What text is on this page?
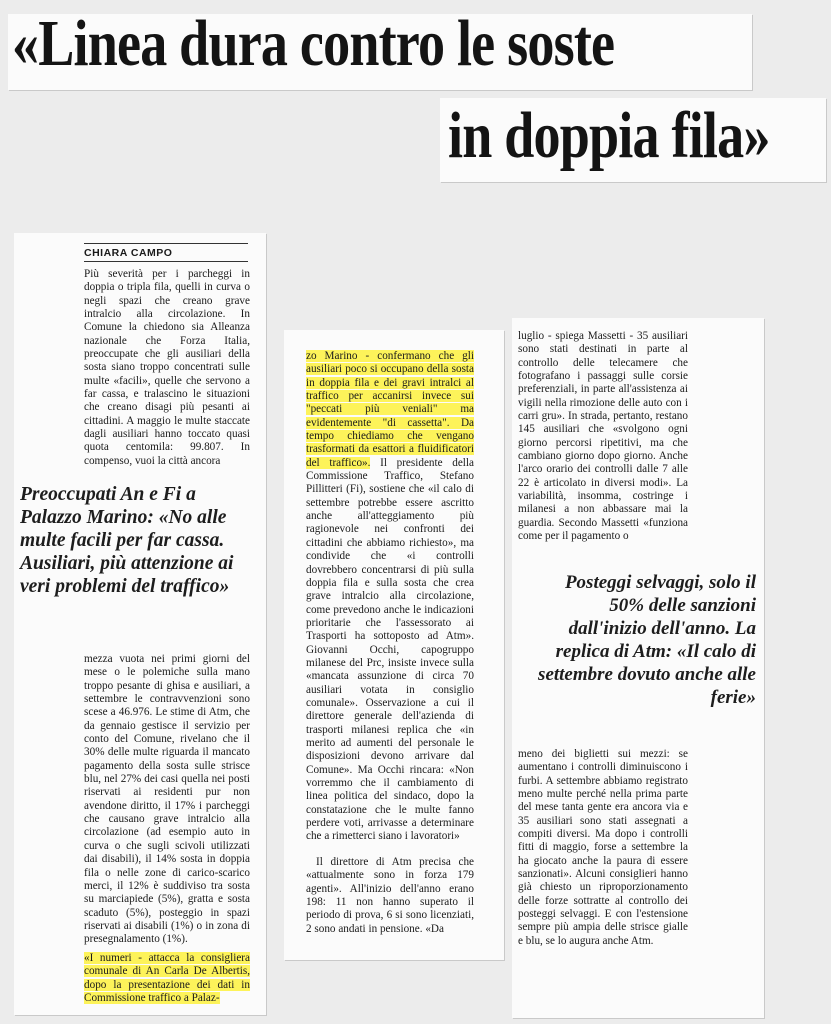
«Linea dura contro le soste
in doppia fila»

CHIARA CAMPO

Più severità per i parcheggi in doppia o tripla fila, quelli in curva o negli spazi che creano grave intralcio alla circolazione. In Comune la chiedono sia Alleanza nazionale che Forza Italia, preoccupate che gli ausiliari della sosta siano troppo concentrati sulle multe «facili», quelle che servono a far cassa, e tralascino le situazioni che creano disagi più pesanti ai cittadini. A maggio le multe staccate dagli ausiliari hanno toccato quasi quota centomila: 99.807. In compenso, vuoi la città ancora

Preoccupati An e Fi a Palazzo Marino: «No alle multe facili per far cassa. Ausiliari, più attenzione ai veri problemi del traffico»

mezza vuota nei primi giorni del mese o le polemiche sulla mano troppo pesante di ghisa e ausiliari, a settembre le contravvenzioni sono scese a 46.976. Le stime di Atm, che da gennaio gestisce il servizio per conto del Comune, rivelano che il 30% delle multe riguarda il mancato pagamento della sosta sulle strisce blu, nel 27% dei casi quella nei posti riservati ai residenti pur non avendone diritto, il 17% i parcheggi che causano grave intralcio alla circolazione (ad esempio auto in curva o che sugli scivoli utilizzati dai disabili), il 14% sosta in doppia fila o nelle zone di carico-scarico merci, il 12% è suddiviso tra sosta su marciapiede (5%), gratta e sosta scaduto (5%), posteggio in spazi riservati ai disabili (1%) o in zona di presegnalamento (1%).

«I numeri - attacca la consigliera comunale di An Carla De Albertis, dopo la presentazione dei dati in Commissione traffico a Palaz-

zo Marino - confermano che gli ausiliari poco si occupano della sosta in doppia fila e dei gravi intralci al traffico per accanirsi invece sui "peccati più veniali" ma evidentemente "di cassetta". Da tempo chiediamo che vengano trasformati da esattori a fluidificatori del traffico». Il presidente della Commissione Traffico, Stefano Pillitteri (Fi), sostiene che «il calo di settembre potrebbe essere ascritto anche all'atteggiamento più ragionevole nei confronti dei cittadini che abbiamo richiesto», ma condivide che «i controlli dovrebbero concentrarsi di più sulla doppia fila e sulla sosta che crea grave intralcio alla circolazione, come prevedono anche le indicazioni prioritarie che l'assessorato ai Trasporti ha sottoposto ad Atm». Giovanni Occhi, capogruppo milanese del Prc, insiste invece sulla «mancata assunzione di circa 70 ausiliari votata in consiglio comunale». Osservazione a cui il direttore generale dell'azienda di trasporti milanesi replica che «in merito ad aumenti del personale le disposizioni devono arrivare dal Comune». Ma Occhi rincara: «Non vorremmo che il cambiamento di linea politica del sindaco, dopo la constatazione che le multe fanno perdere voti, arrivasse a determinare che a rimetterci siano i lavoratori»

Il direttore di Atm precisa che «attualmente sono in forza 179 agenti». All'inizio dell'anno erano 198: 11 non hanno superato il periodo di prova, 6 si sono licenziati, 2 sono andati in pensione. «Da

luglio - spiega Massetti - 35 ausiliari sono stati destinati in parte al controllo delle telecamere che fotografano i passaggi sulle corsie preferenziali, in parte all'assistenza ai vigili nella rimozione delle auto con i carri gru». In strada, pertanto, restano 145 ausiliari che «svolgono ogni giorno percorsi ripetitivi, ma che cambiano giorno dopo giorno. Anche l'arco orario dei controlli dalle 7 alle 22 è articolato in diversi modi». La variabilità, insomma, costringe i milanesi a non abbassare mai la guardia. Secondo Massetti «funziona come per il pagamento o

Posteggi selvaggi, solo il 50% delle sanzioni dall'inizio dell'anno. La replica di Atm: «Il calo di settembre dovuto anche alle ferie»

meno dei biglietti sui mezzi: se aumentano i controlli diminuiscono i furbi. A settembre abbiamo registrato meno multe perché nella prima parte del mese tanta gente era ancora via e 35 ausiliari sono stati assegnati a compiti diversi. Ma dopo i controlli fitti di maggio, forse a settembre la ha giocato anche la paura di essere sanzionati». Alcuni consiglieri hanno già chiesto un riproporzionamento delle forze sottratte al controllo dei posteggi selvaggi. E con l'estensione sempre più ampia delle strisce gialle e blu, se lo augura anche Atm.
